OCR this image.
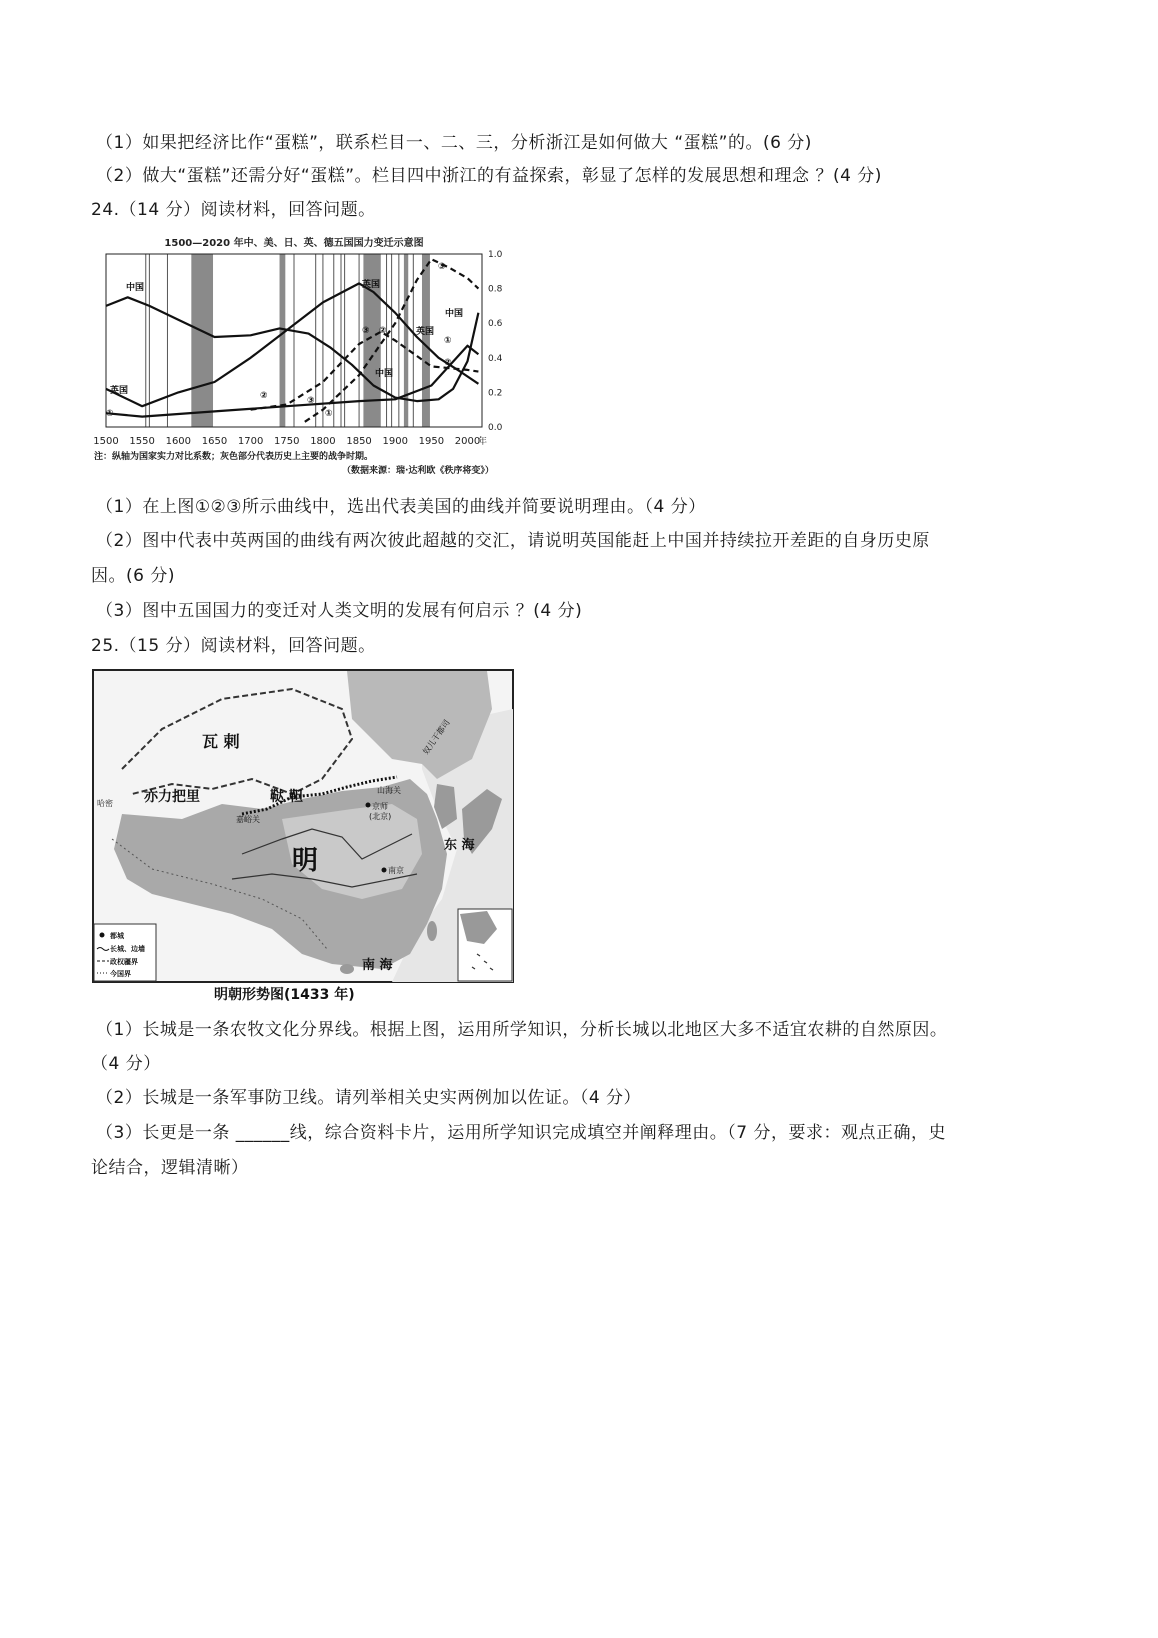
（1）如果把经济比作“蛋糕”，联系栏目一、二、三，分析浙江是如何做大 “蛋糕”的。(6 分)
（2）做大“蛋糕”还需分好“蛋糕”。栏目四中浙江的有益探索，彰显了怎样的发展思想和理念 ？(4 分)
24.（14 分）阅读材料，回答问题。
1500—2020 年中、美、日、英、德五国国力变迁示意图
1500 1550 1600 1650 1700 1750 1800 1850 1900 1950 2000
0.0
0.2
0.4
0.6
0.8
1.0
年
中国
英国
①
②
①
③
英国
③ ②
中国
英国
③
中国
①
②
注：纵轴为国家实力对比系数；灰色部分代表历史上主要的战争时期。
（数据来源：瑞·达利欧《秩序将变》）
（1）在上图①②③所示曲线中，选出代表美国的曲线并简要说明理由。（4 分）
（2）图中代表中英两国的曲线有两次彼此超越的交汇，请说明英国能赶上中国并持续拉开差距的自身历史原
因。(6 分)
（3）图中五国国力的变迁对人类文明的发展有何启示 ？(4 分)
25.（15 分）阅读材料，回答问题。
瓦 剌
亦力把里	鞑 靼
明
东 海
南 海
山海关
嘉峪关
京师
(北京)
南京
奴儿干都司
哈密
都城
长城、边墙
政权疆界
今国界
明朝形势图(1433 年)
（1）长城是一条农牧文化分界线。根据上图，运用所学知识，分析长城以北地区大多不适宜农耕的自然原因。
（4 分）
（2）长城是一条军事防卫线。请列举相关史实两例加以佐证。（4 分）
（3）长更是一条 ______线，综合资料卡片，运用所学知识完成填空并阐释理由。（7 分，要求：观点正确，史
论结合，逻辑清晰）
